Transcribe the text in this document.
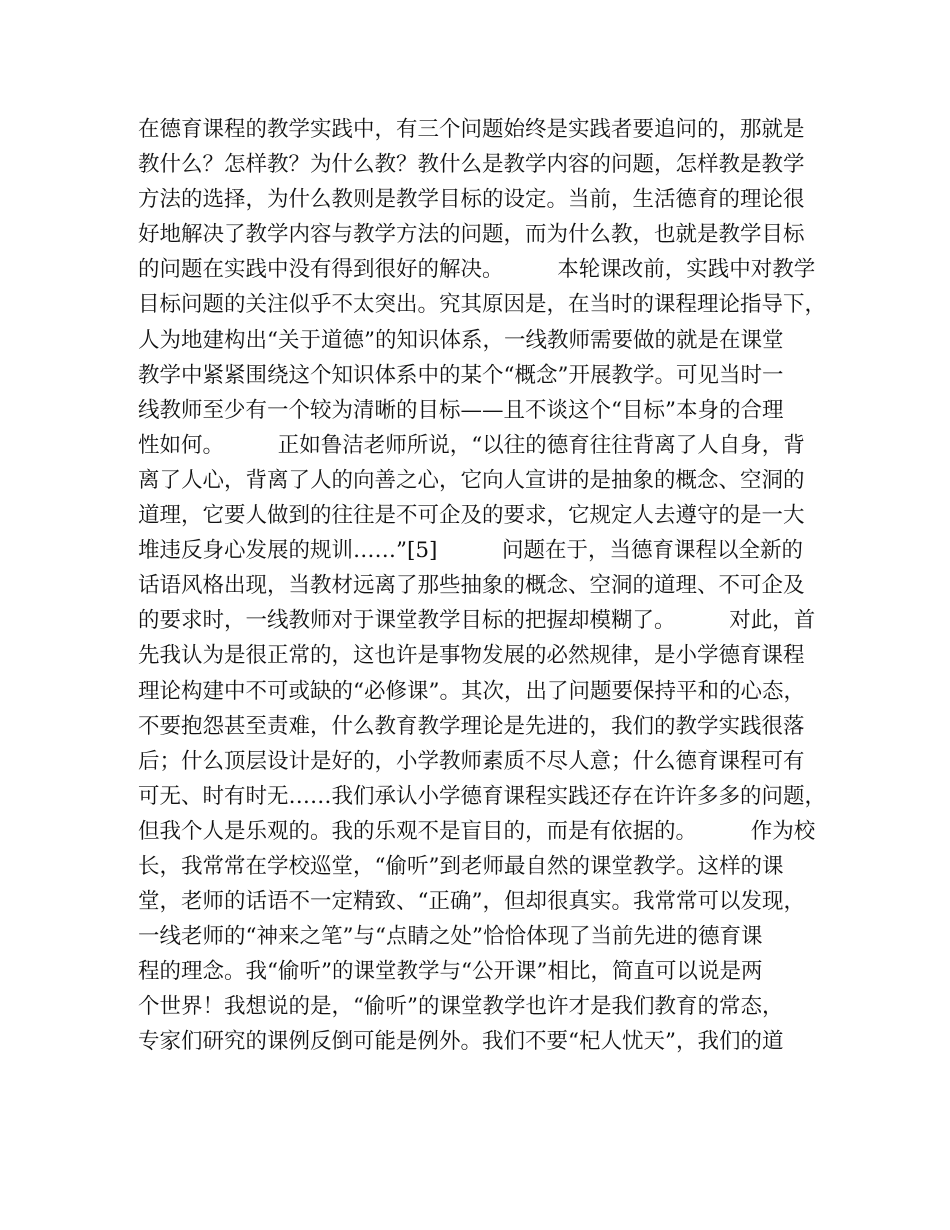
在德育课程的教学实践中，有三个问题始终是实践者要追问的，那就是
教什么？怎样教？为什么教？教什么是教学内容的问题，怎样教是教学
方法的选择，为什么教则是教学目标的设定。当前，生活德育的理论很
好地解决了教学内容与教学方法的问题，而为什么教，也就是教学目标
的问题在实践中没有得到很好的解决。　　　本轮课改前，实践中对教学
目标问题的关注似乎不太突出。究其原因是，在当时的课程理论指导下，
人为地建构出“关于道德”的知识体系，一线教师需要做的就是在课堂
教学中紧紧围绕这个知识体系中的某个“概念”开展教学。可见当时一
线教师至少有一个较为清晰的目标——且不谈这个“目标”本身的合理
性如何。　　　正如鲁洁老师所说，“以往的德育往往背离了人自身，背
离了人心，背离了人的向善之心，它向人宣讲的是抽象的概念、空洞的
道理，它要人做到的往往是不可企及的要求，它规定人去遵守的是一大
堆违反身心发展的规训……”[5]　　　问题在于，当德育课程以全新的
话语风格出现，当教材远离了那些抽象的概念、空洞的道理、不可企及
的要求时，一线教师对于课堂教学目标的把握却模糊了。　　　对此，首
先我认为是很正常的，这也许是事物发展的必然规律，是小学德育课程
理论构建中不可或缺的“必修课”。其次，出了问题要保持平和的心态，
不要抱怨甚至责难，什么教育教学理论是先进的，我们的教学实践很落
后；什么顶层设计是好的，小学教师素质不尽人意；什么德育课程可有
可无、时有时无……我们承认小学德育课程实践还存在许许多多的问题，
但我个人是乐观的。我的乐观不是盲目的，而是有依据的。　　　作为校
长，我常常在学校巡堂，“偷听”到老师最自然的课堂教学。这样的课
堂，老师的话语不一定精致、“正确”，但却很真实。我常常可以发现，
一线老师的“神来之笔”与“点睛之处”恰恰体现了当前先进的德育课
程的理念。我“偷听”的课堂教学与“公开课”相比，简直可以说是两
个世界！我想说的是，“偷听”的课堂教学也许才是我们教育的常态，
专家们研究的课例反倒可能是例外。我们不要“杞人忧天”，我们的道
